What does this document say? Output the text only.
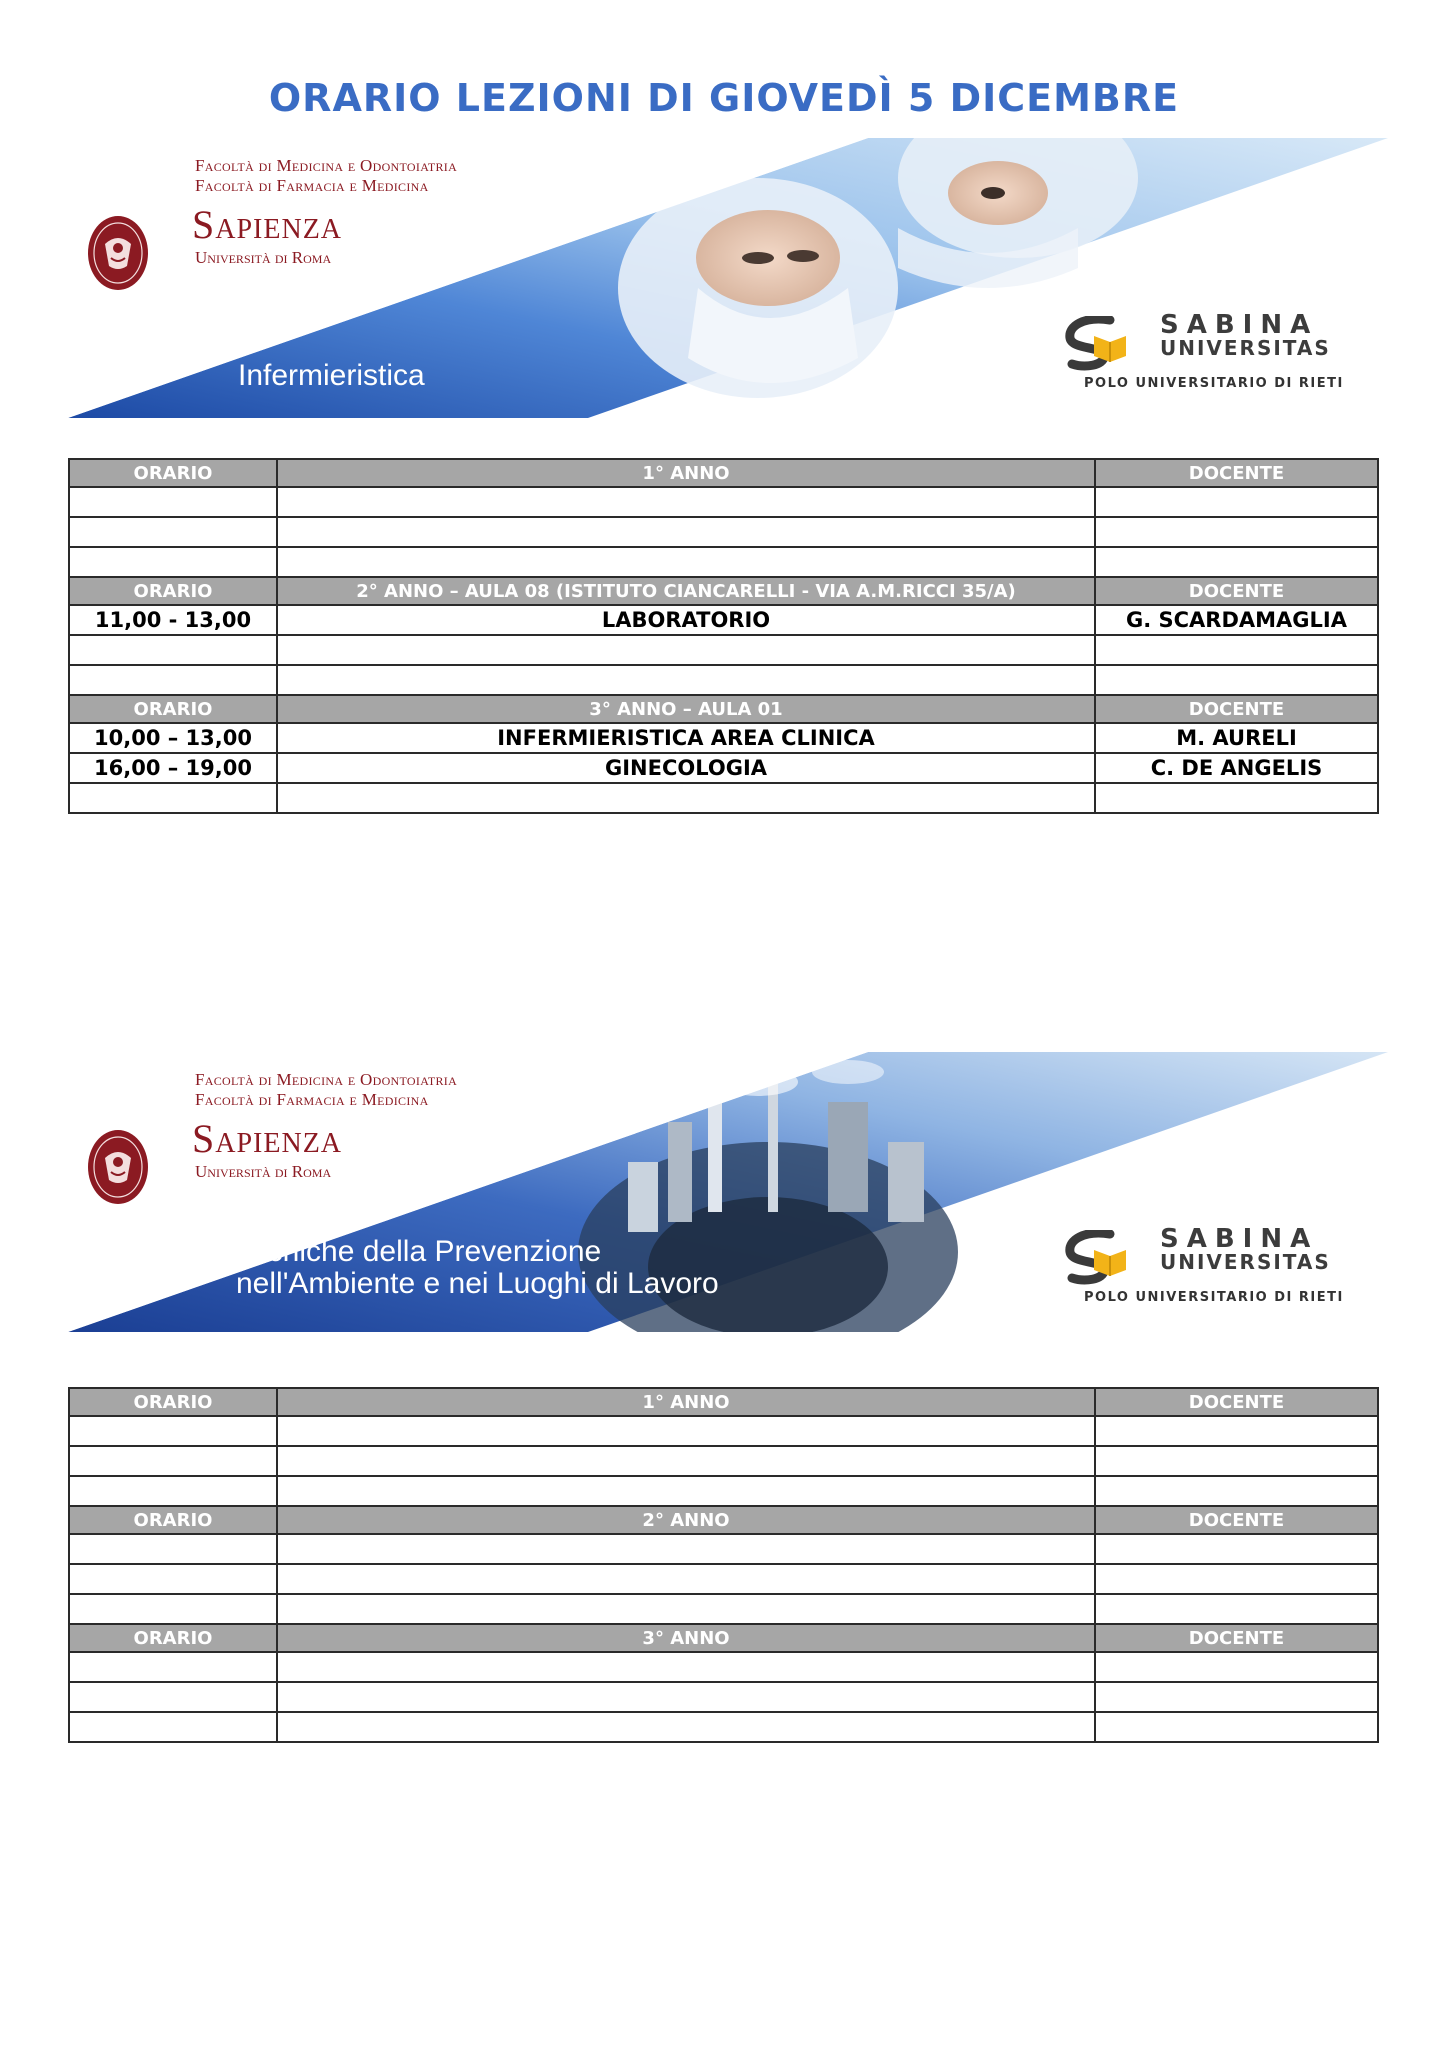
ORARIO LEZIONI DI GIOVEDÌ 5 DICEMBRE
Facoltà di Medicina e Odontoiatria
Facoltà di Farmacia e Medicina
Sapienza
Università di Roma
Infermieristica
SABINA
UNIVERSITAS
POLO UNIVERSITARIO DI RIETI
ORARIO	1° ANNO	DOCENTE

ORARIO	2° ANNO – AULA 08 (ISTITUTO CIANCARELLI - VIA A.M.RICCI 35/A)	DOCENTE
11,00 - 13,00	LABORATORIO	G. SCARDAMAGLIA

ORARIO	3° ANNO – AULA 01	DOCENTE
10,00 – 13,00	INFERMIERISTICA AREA CLINICA	M. AURELI
16,00 – 19,00	GINECOLOGIA	C. DE ANGELIS

Facoltà di Medicina e Odontoiatria
Facoltà di Farmacia e Medicina
Sapienza
Università di Roma
Tecniche della Prevenzione
nell'Ambiente e nei Luoghi di Lavoro
SABINA
UNIVERSITAS
POLO UNIVERSITARIO DI RIETI
ORARIO	1° ANNO	DOCENTE

ORARIO	2° ANNO	DOCENTE

ORARIO	3° ANNO	DOCENTE
